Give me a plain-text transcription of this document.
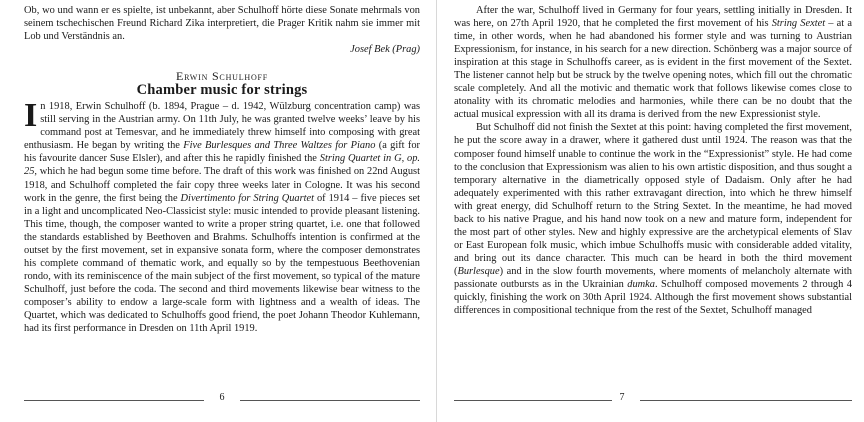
Ob, wo und wann er es spielte, ist unbekannt, aber Schulhoff hörte diese Sonate mehrmals von seinem tschechischen Freund Richard Zika interpretiert, die Prager Kritik nahm sie immer mit Lob und Verständnis an.

Josef Bek (Prag)

Erwin Schulhoff
Chamber music for strings

In 1918, Erwin Schulhoff (b. 1894, Prague – d. 1942, Wülzburg concentration camp) was still serving in the Austrian army. On 11th July, he was granted twelve weeks’ leave by his command post at Temesvar, and he immediately threw himself into composing with great enthusiasm. He began by writing the Five Burlesques and Three Waltzes for Piano (a gift for his favourite dancer Suse Elsler), and after this he rapidly finished the String Quartet in G, op. 25, which he had begun some time before. The draft of this work was finished on 22nd August 1918, and Schulhoff completed the fair copy three weeks later in Cologne. It was his second work in the genre, the first being the Divertimento for String Quartet of 1914 – five pieces set in a light and uncomplicated Neo-Classicist style: music intended to provide pleasant listening. This time, though, the composer wanted to write a proper string quartet, i.e. one that followed the standards established by Beethoven and Brahms. Schulhoffs intention is confirmed at the outset by the first movement, set in expansive sonata form, where the composer demonstrates his complete command of thematic work, and equally so by the tempestuous Beethovenian rondo, with its reminiscence of the main subject of the first movement, so typical of the mature Schulhoff, just before the coda. The second and third movements likewise bear witness to the composer’s ability to endow a large-scale form with lightness and a wealth of ideas. The Quartet, which was dedicated to Schulhoffs good friend, the poet Johann Theodor Kuhlemann, had its first performance in Dresden on 11th April 1919.

6

After the war, Schulhoff lived in Germany for four years, settling initially in Dresden. It was here, on 27th April 1920, that he completed the first movement of his String Sextet – at a time, in other words, when he had abandoned his former style and was turning to Austrian Expressionism, for instance, in his search for a new direction. Schönberg was a major source of inspiration at this stage in Schulhoffs career, as is evident in the first movement of the Sextet. The listener cannot help but be struck by the twelve opening notes, which fill out the chromatic scale completely. And all the motivic and thematic work that follows likewise comes close to atonality with its chromatic melodies and harmonies, while there can be no doubt that the actual musical expression with all its drama is derived from the new Expressionist style.

But Schulhoff did not finish the Sextet at this point: having completed the first movement, he put the score away in a drawer, where it gathered dust until 1924. The reason was that the composer found himself unable to continue the work in the “Expressionist” style. He had come to the conclusion that Expressionism was alien to his own artistic disposition, and thus sought a temporary alternative in the diametrically opposed style of Dadaism. Only after he had adequately experimented with this rather extravagant direction, into which he threw himself with great energy, did Schulhoff return to the String Sextet. In the meantime, he had moved back to his native Prague, and his hand now took on a new and mature form, independent for the most part of other styles. New and highly expressive are the archetypical elements of Slav or East European folk music, which imbue Schulhoffs music with considerable added vitality, and bring out its dance character. This much can be heard in both the third movement (Burlesque) and in the slow fourth movements, where moments of melancholy alternate with passionate outbursts as in the Ukrainian dumka. Schulhoff composed movements 2 through 4 quickly, finishing the work on 30th April 1924. Although the first movement shows substantial differences in compositional technique from the rest of the Sextet, Schulhoff managed

7
